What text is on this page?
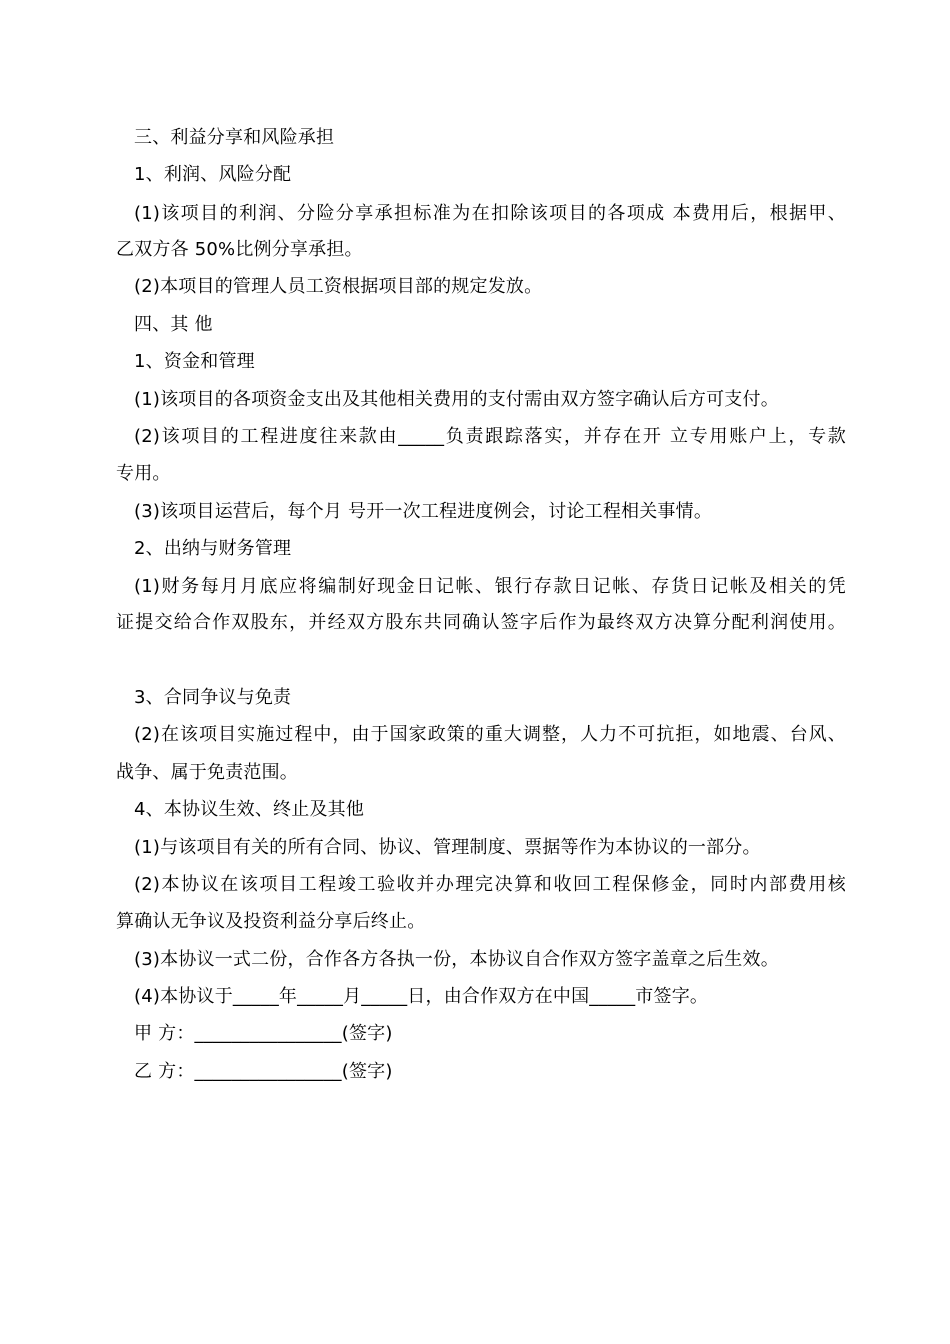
三、利益分享和风险承担
1、利润、风险分配
(1)该项目的利润、分险分享承担标准为在扣除该项目的各项成 本费用后，根据甲、
乙双方各 50%比例分享承担。
(2)本项目的管理人员工资根据项目部的规定发放。
四、其 他
1、资金和管理
(1)该项目的各项资金支出及其他相关费用的支付需由双方签字确认后方可支付。
(2)该项目的工程进度往来款由_____负责跟踪落实，并存在开 立专用账户上，专款
专用。
(3)该项目运营后，每个月 号开一次工程进度例会，讨论工程相关事情。
2、出纳与财务管理
(1)财务每月月底应将编制好现金日记帐、银行存款日记帐、存货日记帐及相关的凭
证提交给合作双股东，并经双方股东共同确认签字后作为最终双方决算分配利润使用。
3、合同争议与免责
(2)在该项目实施过程中，由于国家政策的重大调整，人力不可抗拒，如地震、台风、
战争、属于免责范围。
4、本协议生效、终止及其他
(1)与该项目有关的所有合同、协议、管理制度、票据等作为本协议的一部分。
(2)本协议在该项目工程竣工验收并办理完决算和收回工程保修金，同时内部费用核
算确认无争议及投资利益分享后终止。
(3)本协议一式二份，合作各方各执一份，本协议自合作双方签字盖章之后生效。
(4)本协议于_____年_____月_____日，由合作双方在中国_____市签字。
甲 方：________________(签字)
乙 方：________________(签字)
